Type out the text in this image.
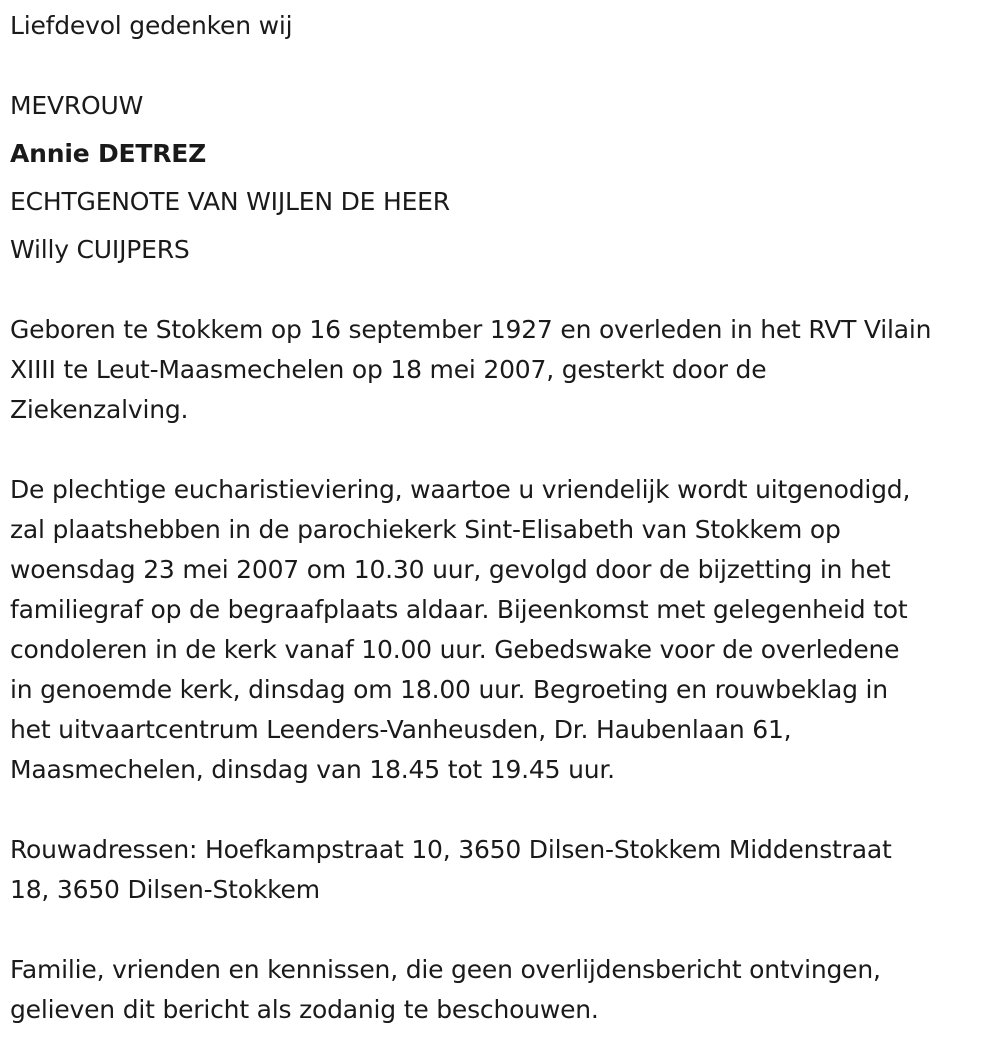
Liefdevol gedenken wij
MEVROUW
Annie DETREZ
ECHTGENOTE VAN WIJLEN DE HEER
Willy CUIJPERS
Geboren te Stokkem op 16 september 1927 en overleden in het RVT Vilain
XIIII te Leut-Maasmechelen op 18 mei 2007, gesterkt door de
Ziekenzalving.
De plechtige eucharistieviering, waartoe u vriendelijk wordt uitgenodigd,
zal plaatshebben in de parochiekerk Sint-Elisabeth van Stokkem op
woensdag 23 mei 2007 om 10.30 uur, gevolgd door de bijzetting in het
familiegraf op de begraafplaats aldaar. Bijeenkomst met gelegenheid tot
condoleren in de kerk vanaf 10.00 uur. Gebedswake voor de overledene
in genoemde kerk, dinsdag om 18.00 uur. Begroeting en rouwbeklag in
het uitvaartcentrum Leenders-Vanheusden, Dr. Haubenlaan 61,
Maasmechelen, dinsdag van 18.45 tot 19.45 uur.
Rouwadressen: Hoefkampstraat 10, 3650 Dilsen-Stokkem Middenstraat
18, 3650 Dilsen-Stokkem
Familie, vrienden en kennissen, die geen overlijdensbericht ontvingen,
gelieven dit bericht als zodanig te beschouwen.
